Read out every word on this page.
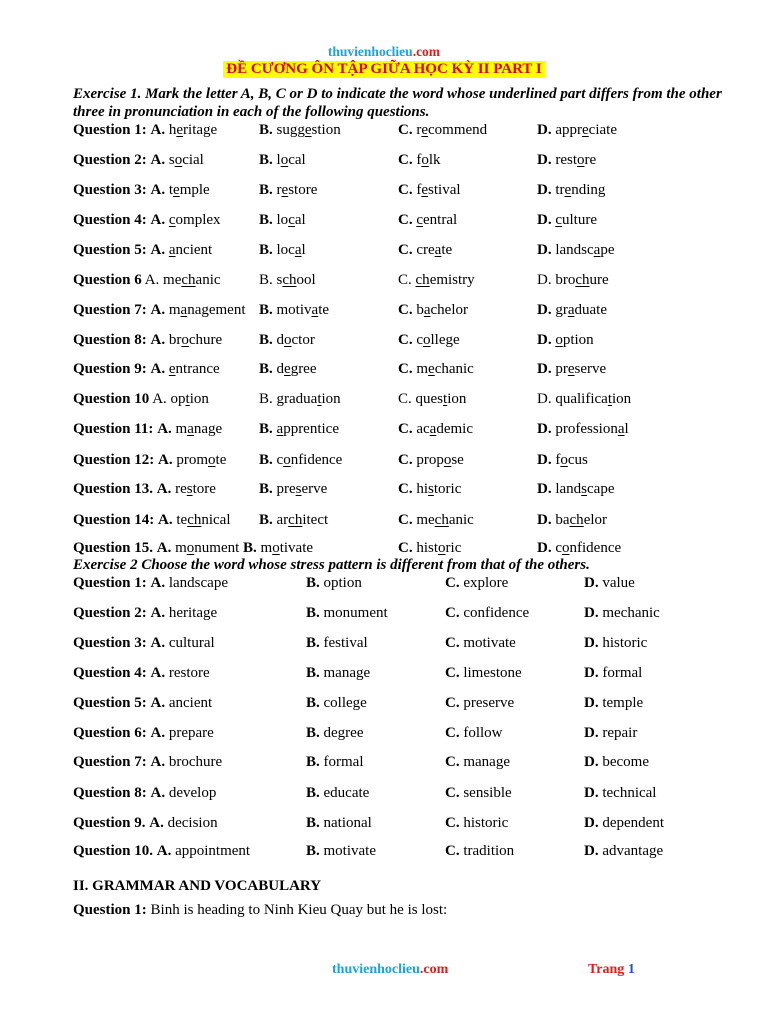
thuvienhoclieu.com
ĐỀ CƯƠNG ÔN TẬP GIỮA HỌC KỲ II PART I
Exercise 1. Mark the letter A, B, C or D to indicate the word whose underlined part differs from the other three in pronunciation in each of the following questions.
Question 1: A. heritage	B. suggestion	C. recommend	D. appreciate
Question 2: A. social	B. local	C. folk	D. restore
Question 3: A. temple	B. restore	C. festival	D. trending
Question 4: A. complex	B. local	C. central	D. culture
Question 5: A. ancient	B. local	C. create	D. landscape
Question 6 A. mechanic	B. school	C. chemistry	D. brochure
Question 7: A. management B. motivate	C. bachelor	D. graduate
Question 8: A. brochure B. doctor	C. college	D. option
Question 9: A. entrance	B. degree	C. mechanic	D. preserve
Question 10 A. option	B. graduation	C. question	D. qualification
Question 11: A. manage B. apprentice	C. academic	D. professional
Question 12: A. promote B. confidence	C. propose	D. focus
Question 13. A. restore	B. preserve	C. historic	D. landscape
Question 14: A. technical B. architect	C. mechanic	D. bachelor
Question 15. A. monument B. motivate	C. historic	D. confidence
Exercise 2 Choose the word whose stress pattern is different from that of the others.
Question 1: A. landscape	B. option	C. explore	D. value
Question 2: A. heritage	B. monument	C. confidence	D. mechanic
Question 3: A. cultural	B. festival	C. motivate	D. historic
Question 4: A. restore	B. manage	C. limestone	D. formal
Question 5: A. ancient	B. college	C. preserve	D. temple
Question 6: A. prepare	B. degree	C. follow	D. repair
Question 7: A. brochure	B. formal	C. manage	D. become
Question 8: A. develop	B. educate	C. sensible	D. technical
Question 9. A. decision	B. national	C. historic	D. dependent
Question 10. A. appointment	B. motivate	C. tradition	D. advantage
II. GRAMMAR AND VOCABULARY
Question 1: Binh is heading to Ninh Kieu Quay but he is lost:
thuvienhoclieu.com	Trang 1
